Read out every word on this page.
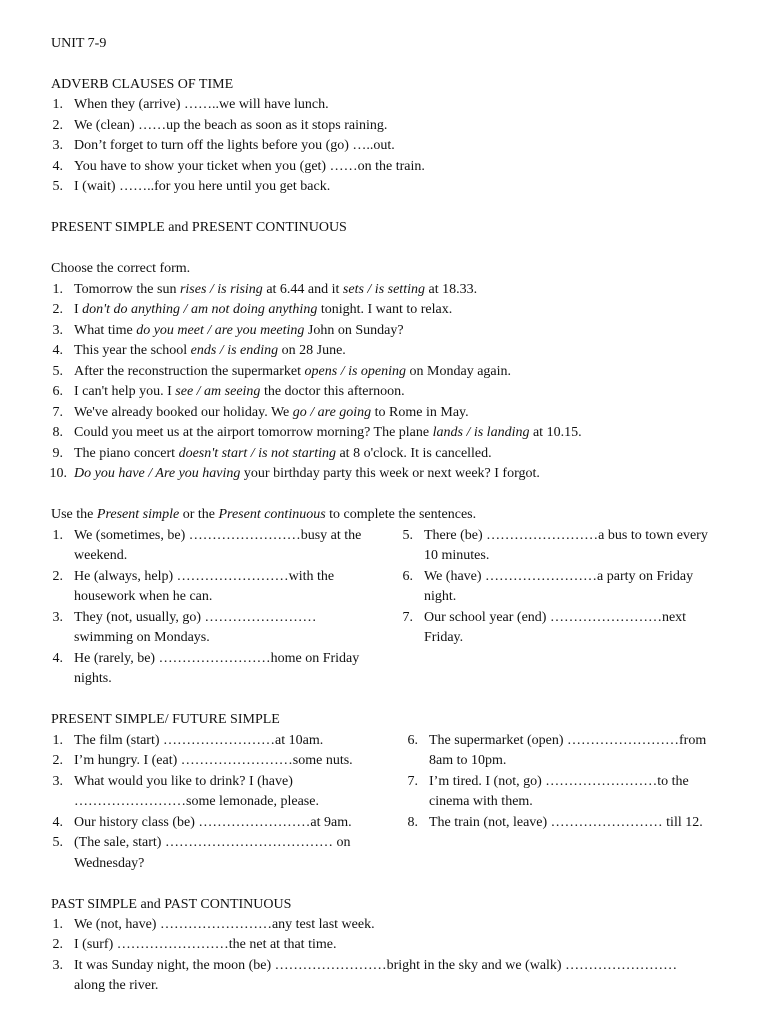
UNIT 7-9
ADVERB CLAUSES OF TIME
1. When they (arrive) ……..we will have lunch.
2. We (clean) ……up the beach as soon as it stops raining.
3. Don’t forget to turn off the lights before you (go) …..out.
4. You have to show your ticket when you (get) ……on the train.
5. I (wait) ……..for you here until you get back.
PRESENT SIMPLE and PRESENT CONTINUOUS
Choose the correct form.
1. Tomorrow the sun rises / is rising at 6.44 and it sets / is setting at 18.33.
2. I don't do anything / am not doing anything tonight. I want to relax.
3. What time do you meet / are you meeting John on Sunday?
4. This year the school ends / is ending on 28 June.
5. After the reconstruction the supermarket opens / is opening on Monday again.
6. I can't help you. I see / am seeing the doctor this afternoon.
7. We've already booked our holiday. We go / are going to Rome in May.
8. Could you meet us at the airport tomorrow morning? The plane lands / is landing at 10.15.
9. The piano concert doesn't start / is not starting at 8 o'clock. It is cancelled.
10. Do you have / Are you having your birthday party this week or next week? I forgot.
Use the Present simple or the Present continuous to complete the sentences.
1. We (sometimes, be) ……………………busy at the
weekend.
2. He (always, help) ……………………with the
housework when he can.
3. They (not, usually, go) ……………………
swimming on Mondays.
4. He (rarely, be) ……………………home on Friday
nights.
5. There (be) ……………………a bus to town every
10 minutes.
6. We (have) ……………………a party on Friday
night.
7. Our school year (end) ……………………next
Friday.
PRESENT SIMPLE/ FUTURE SIMPLE
1. The film (start) ……………………at 10am.
2. I’m hungry. I (eat) ……………………some nuts.
3. What would you like to drink? I (have)
……………………some lemonade, please.
4. Our history class (be) ……………………at 9am.
5. (The sale, start) ……………………………… on
Wednesday?
6. The supermarket (open) ……………………from
8am to 10pm.
7. I’m tired. I (not, go) ……………………to the
cinema with them.
8. The train (not, leave) …………………… till 12.
PAST SIMPLE and PAST CONTINUOUS
1. We (not, have) ……………………any test last week.
2. I (surf) ……………………the net at that time.
3. It was Sunday night, the moon (be) ……………………bright in the sky and we (walk) ……………………
along the river.
